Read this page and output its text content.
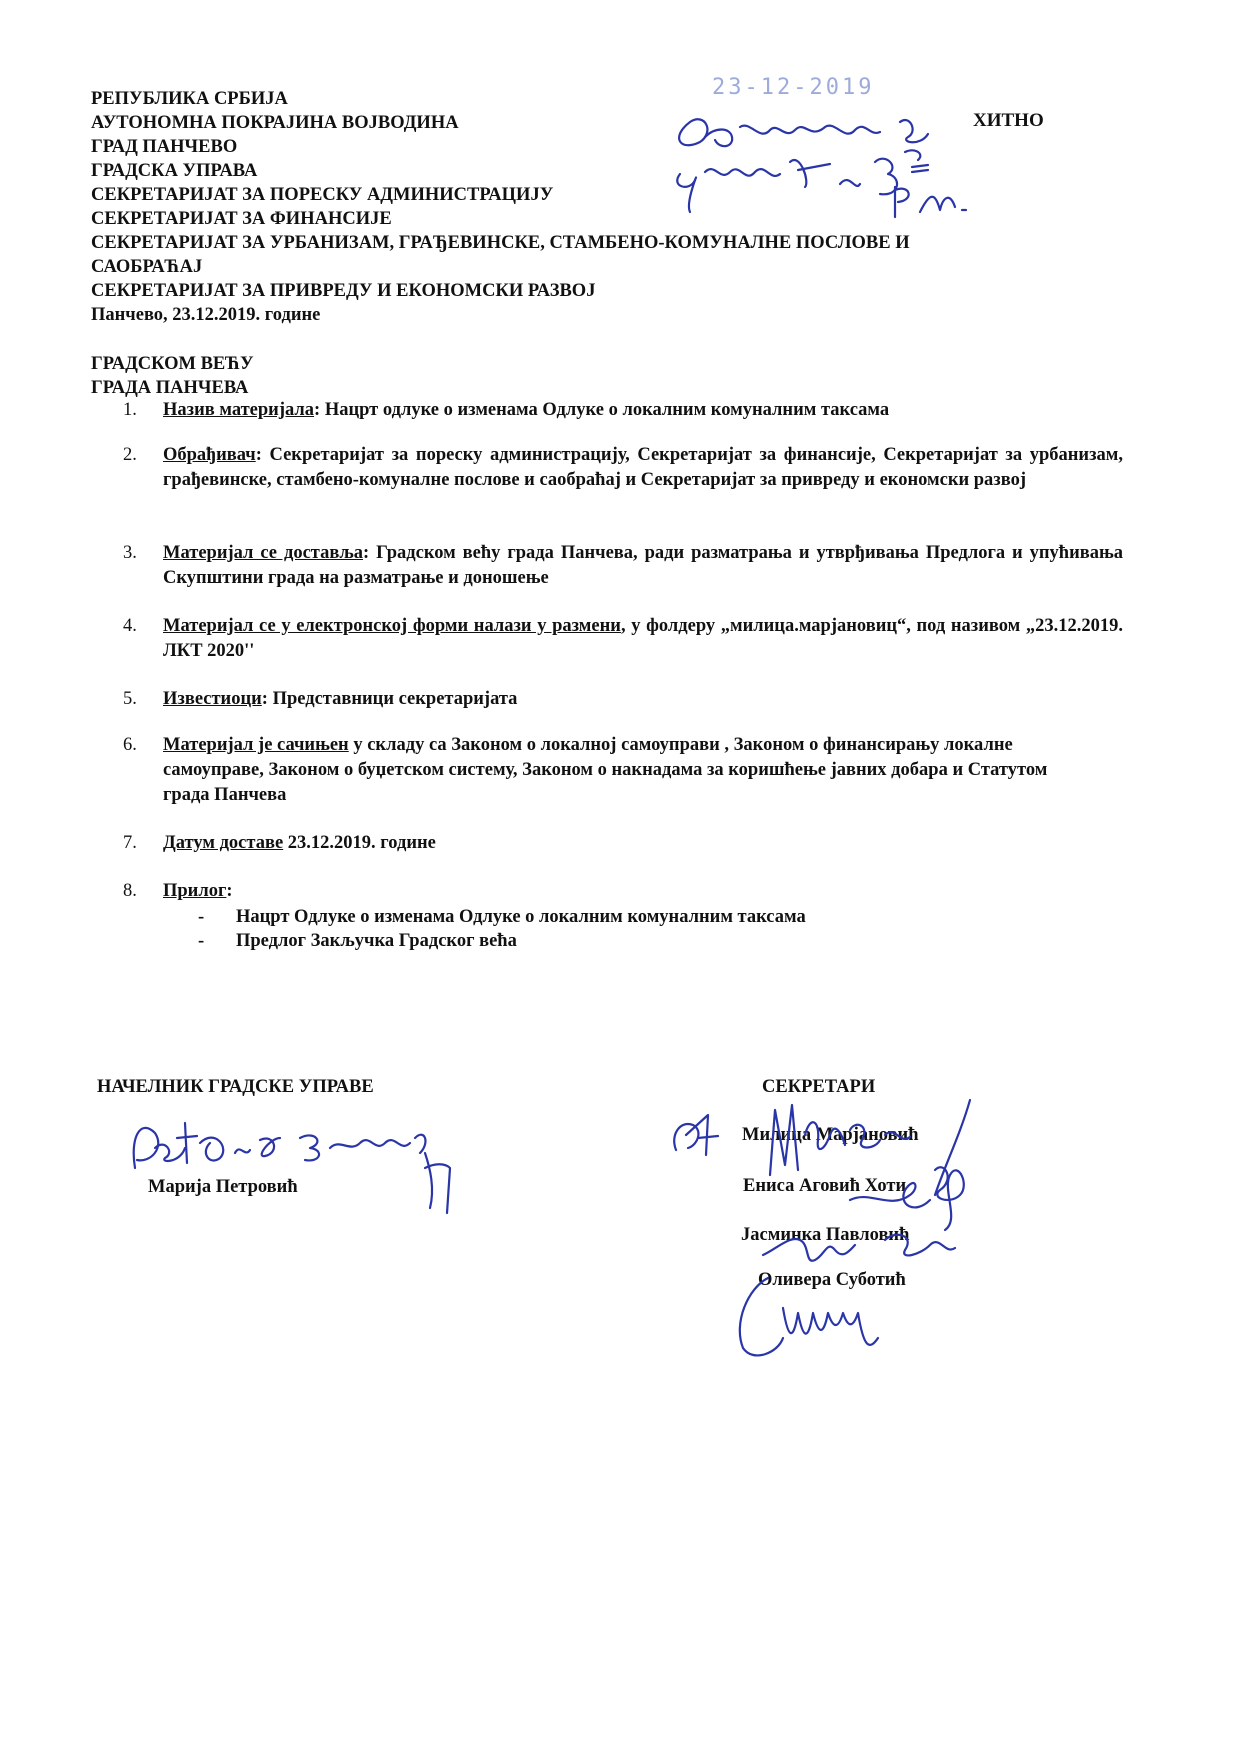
РЕПУБЛИКА СРБИЈА
АУТОНОМНА ПОКРАЈИНА ВОЈВОДИНА
ГРАД ПАНЧЕВО
ГРАДСКА УПРАВА
СЕКРЕТАРИЈАТ ЗА ПОРЕСКУ АДМИНИСТРАЦИЈУ
СЕКРЕТАРИЈАТ ЗА ФИНАНСИЈЕ
СЕКРЕТАРИЈАТ ЗА УРБАНИЗАМ, ГРАЂЕВИНСКЕ, СТАМБЕНО-КОМУНАЛНЕ ПОСЛОВЕ И
САОБРАЋАЈ
СЕКРЕТАРИЈАТ ЗА ПРИВРЕДУ И ЕКОНОМСКИ РАЗВОЈ
Панчево, 23.12.2019. године
ХИТНО
23-12-2019
ГРАДСКОМ ВЕЋУ
ГРАДА ПАНЧЕВА
1.	Назив материјала: Нацрт одлуке о изменама Одлуке о локалним комуналним таксама
2.	Обрађивач: Секретаријат за пореску администрацију, Секретаријат за финансије, Секретаријат за урбанизам, грађевинске, стамбено-комуналне послове и саобраћај и Секретаријат за привреду и економски развој
3.	Материјал се доставља: Градском већу града Панчева, ради разматрања и утврђивања Предлога и упућивања Скупштини града на разматрање и доношење
4.	Материјал се у електронској форми налази у размени, у фолдеру „милица.марјановиц“, под називом „23.12.2019. ЛКТ 2020''
5.	Известиоци: Представници секретаријата
6.	Материјал је сачињен у складу са Законом о локалној самоуправи , Законом о финансирању локалне самоуправе, Законом о буџетском систему, Законом о накнадама за коришћење јавних добара и Статутом града Панчева
7.	Датум доставе 23.12.2019. године
8.	Прилог:
- Нацрт Одлуке о изменама Одлуке о локалним комуналним таксама
- Предлог Закључка Градског већа
НАЧЕЛНИК ГРАДСКЕ УПРАВЕ
Марија Петровић
СЕКРЕТАРИ
Милица Марјановић
Ениса Аговић Хоти
Јасминка Павловић
Оливера Суботић
